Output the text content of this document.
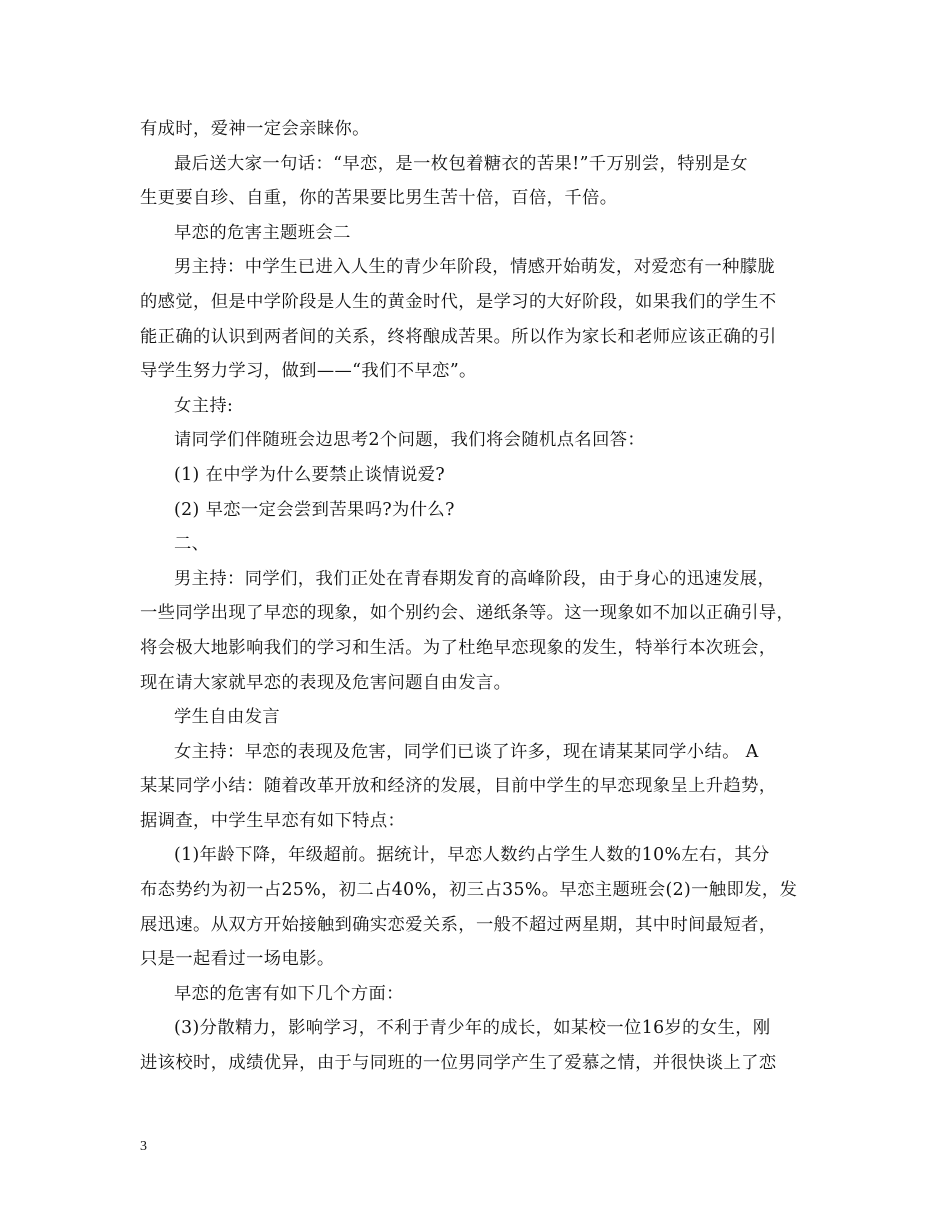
有成时，爱神一定会亲睐你。
最后送大家一句话：“早恋，是一枚包着糖衣的苦果!”千万别尝，特别是女
生更要自珍、自重，你的苦果要比男生苦十倍，百倍，千倍。
早恋的危害主题班会二
男主持：中学生已进入人生的青少年阶段，情感开始萌发，对爱恋有一种朦胧
的感觉，但是中学阶段是人生的黄金时代，是学习的大好阶段，如果我们的学生不
能正确的认识到两者间的关系，终将酿成苦果。所以作为家长和老师应该正确的引
导学生努力学习，做到——“我们不早恋”。
女主持:
请同学们伴随班会边思考2个问题，我们将会随机点名回答：
(1) 在中学为什么要禁止谈情说爱?
(2) 早恋一定会尝到苦果吗?为什么?
二、
男主持：同学们，我们正处在青春期发育的高峰阶段，由于身心的迅速发展，
一些同学出现了早恋的现象，如个别约会、递纸条等。这一现象如不加以正确引导，
将会极大地影响我们的学习和生活。为了杜绝早恋现象的发生，特举行本次班会，
现在请大家就早恋的表现及危害问题自由发言。
学生自由发言
女主持：早恋的表现及危害，同学们已谈了许多，现在请某某同学小结。 A
某某同学小结：随着改革开放和经济的发展，目前中学生的早恋现象呈上升趋势，
据调查，中学生早恋有如下特点：
(1)年龄下降，年级超前。据统计，早恋人数约占学生人数的10%左右，其分
布态势约为初一占25%，初二占40%，初三占35%。早恋主题班会(2)一触即发，发
展迅速。从双方开始接触到确实恋爱关系，一般不超过两星期，其中时间最短者，
只是一起看过一场电影。
早恋的危害有如下几个方面：
(3)分散精力，影响学习，不利于青少年的成长，如某校一位16岁的女生，刚
进该校时，成绩优异，由于与同班的一位男同学产生了爱慕之情，并很快谈上了恋
3
